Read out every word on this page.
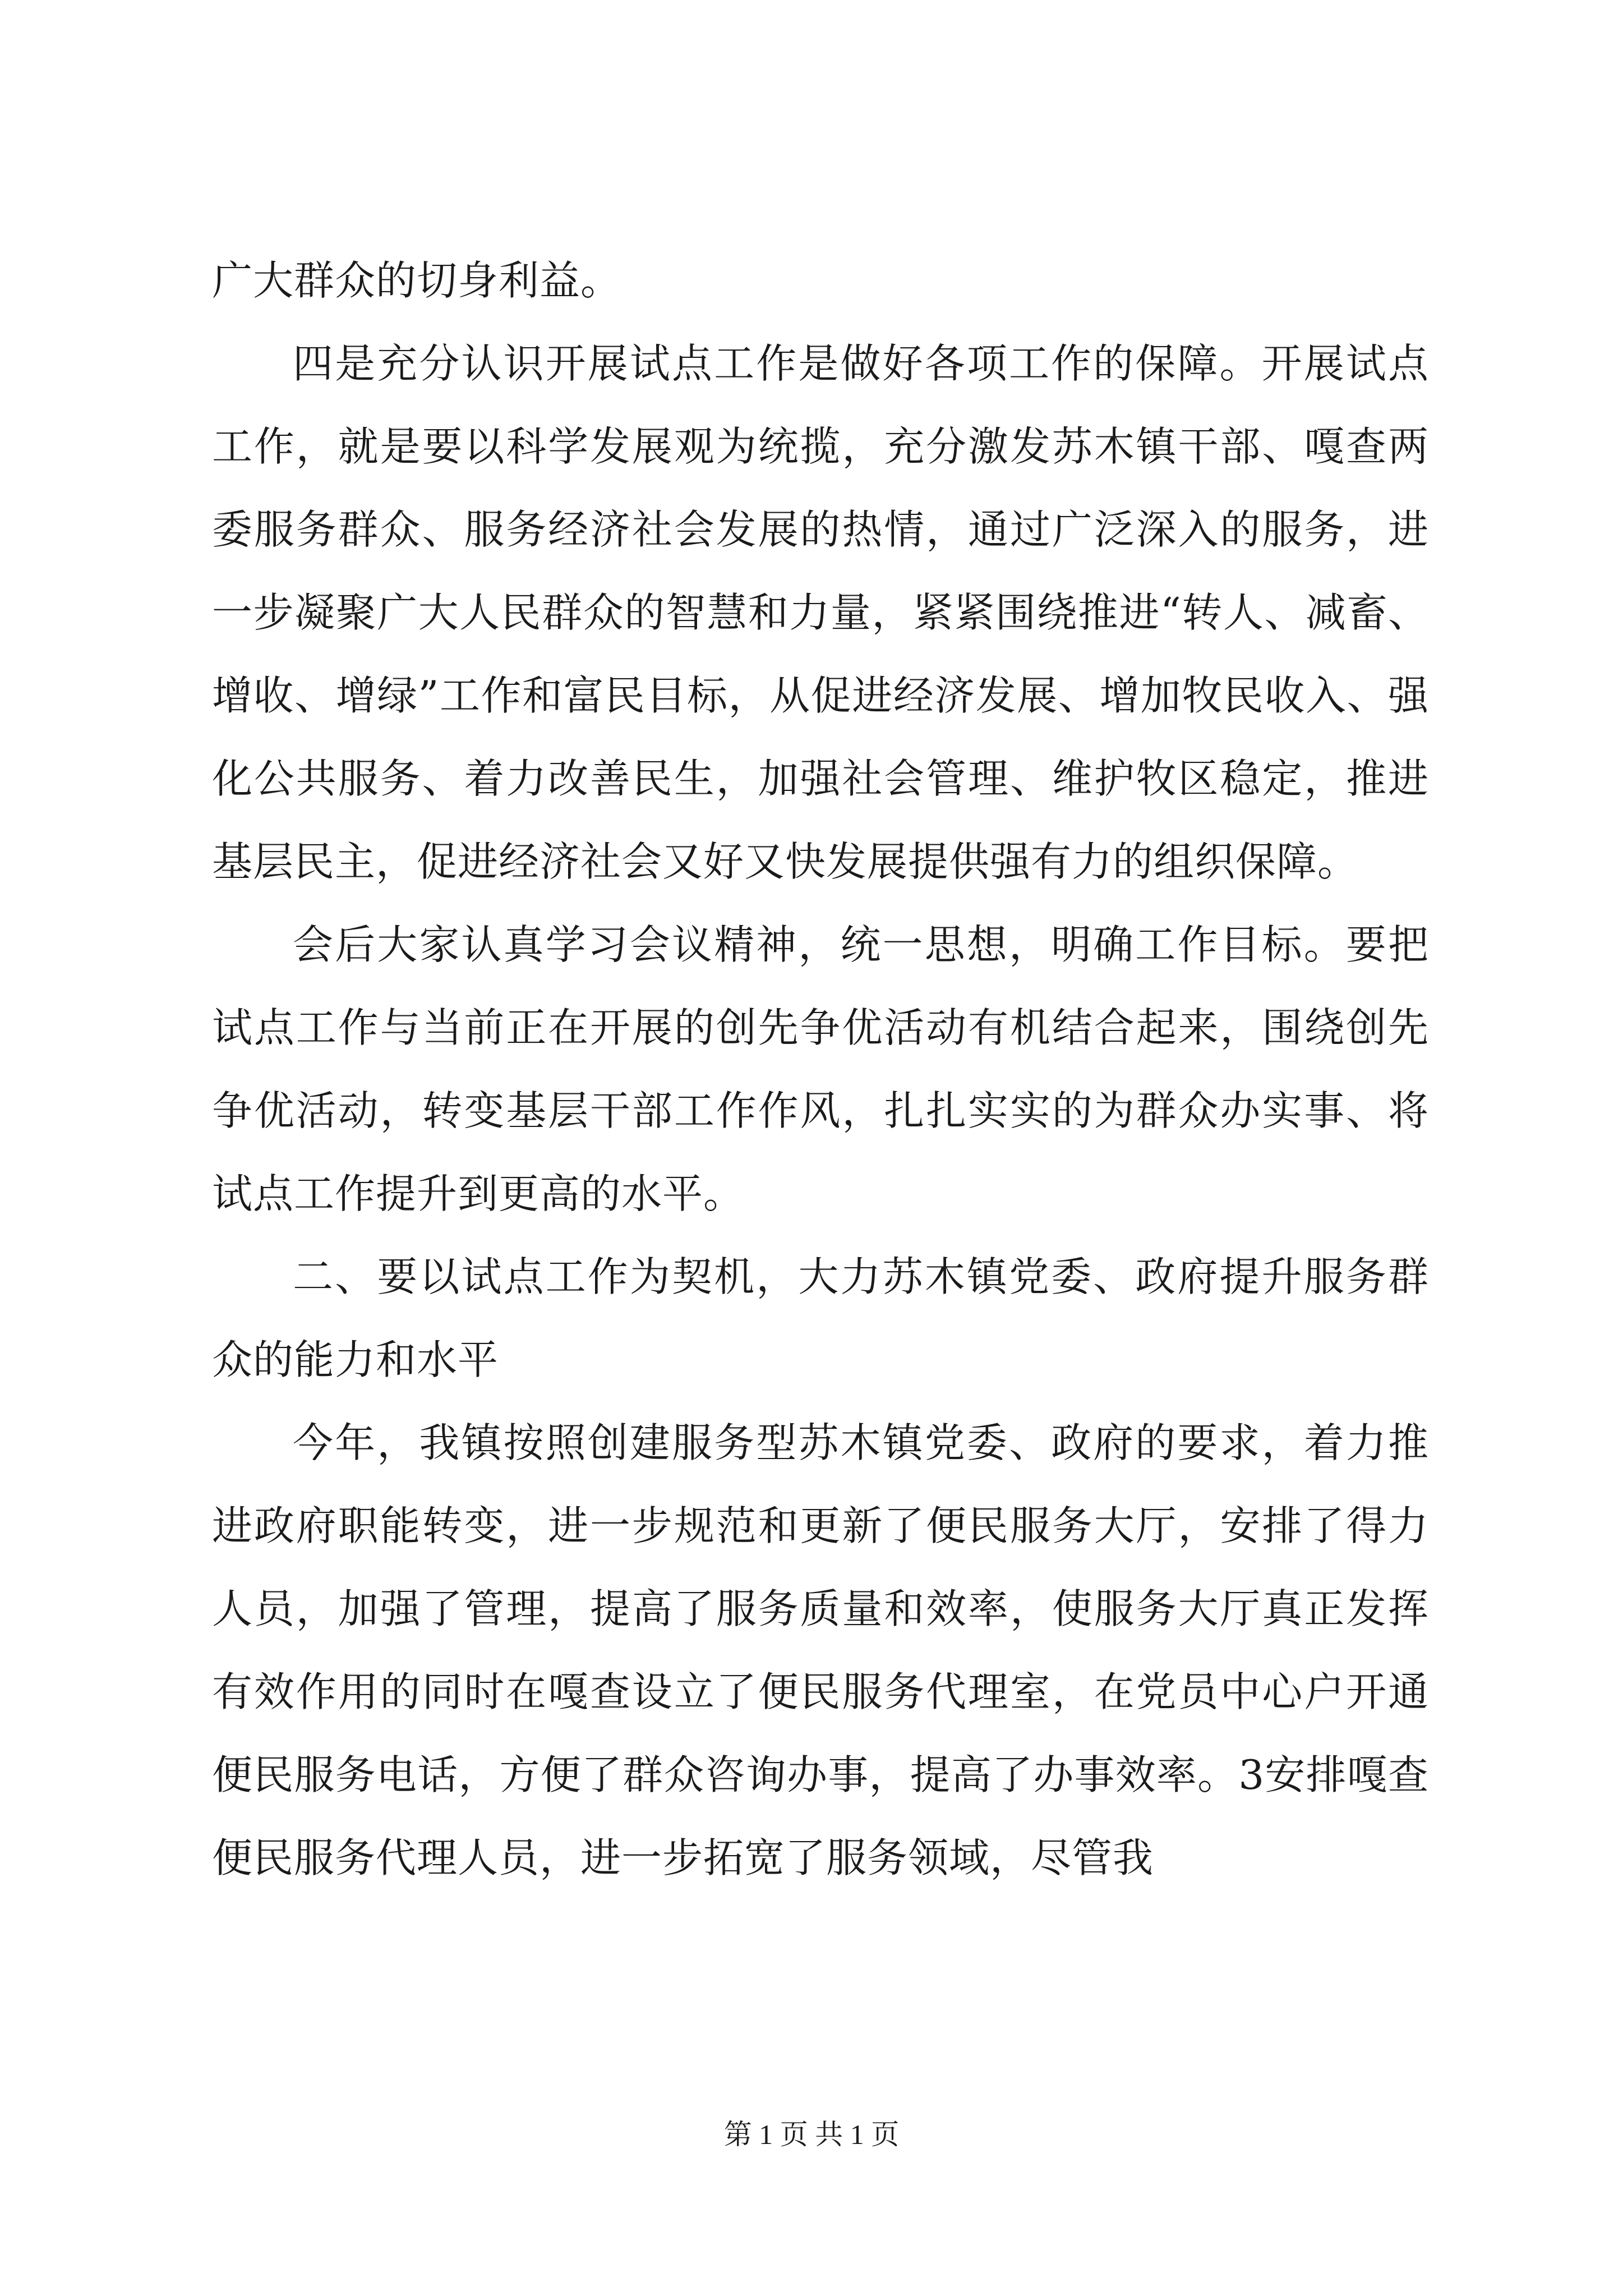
广大群众的切身利益。

四是充分认识开展试点工作是做好各项工作的保障。开展试点工作，就是要以科学发展观为统揽，充分激发苏木镇干部、嘎查两委服务群众、服务经济社会发展的热情，通过广泛深入的服务，进一步凝聚广大人民群众的智慧和力量，紧紧围绕推进“转人、减畜、增收、增绿”工作和富民目标，从促进经济发展、增加牧民收入、强化公共服务、着力改善民生，加强社会管理、维护牧区稳定，推进基层民主，促进经济社会又好又快发展提供强有力的组织保障。

会后大家认真学习会议精神，统一思想，明确工作目标。要把试点工作与当前正在开展的创先争优活动有机结合起来，围绕创先争优活动，转变基层干部工作作风，扎扎实实的为群众办实事、将试点工作提升到更高的水平。

二、要以试点工作为契机，大力苏木镇党委、政府提升服务群众的能力和水平

今年，我镇按照创建服务型苏木镇党委、政府的要求，着力推进政府职能转变，进一步规范和更新了便民服务大厅，安排了得力人员，加强了管理，提高了服务质量和效率，使服务大厅真正发挥有效作用的同时在嘎查设立了便民服务代理室，在党员中心户开通便民服务电话，方便了群众咨询办事，提高了办事效率。3安排嘎查便民服务代理人员，进一步拓宽了服务领域，尽管我

第 1 页 共 1 页
